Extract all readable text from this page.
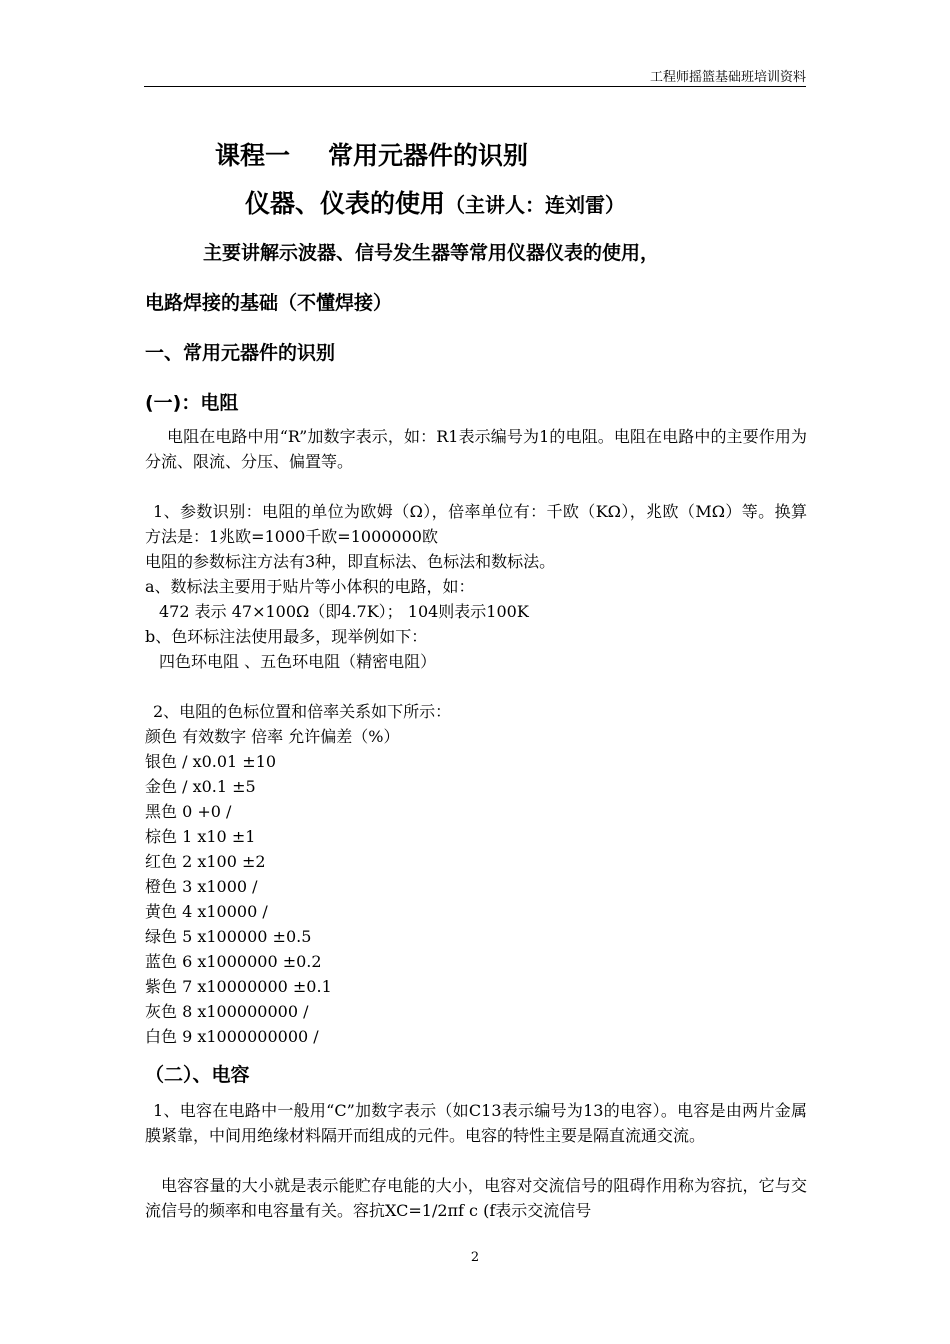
工程师摇篮基础班培训资料
课程一 常用元器件的识别
仪器、仪表的使用（主讲人：连刘雷）
主要讲解示波器、信号发生器等常用仪器仪表的使用，
电路焊接的基础（不懂焊接）
一、常用元器件的识别
(一)：电阻
电阻在电路中用“R”加数字表示，如：R1表示编号为1的电阻。电阻在电路中的主要作用为分流、限流、分压、偏置等。
1、参数识别：电阻的单位为欧姆（Ω），倍率单位有：千欧（KΩ），兆欧（MΩ）等。换算方法是：1兆欧=1000千欧=1000000欧
电阻的参数标注方法有3种，即直标法、色标法和数标法。
a、数标法主要用于贴片等小体积的电路，如：
472 表示 47×100Ω（即4.7K）； 104则表示100K
b、色环标注法使用最多，现举例如下：
四色环电阻 、五色环电阻（精密电阻）
2、电阻的色标位置和倍率关系如下所示：
颜色 有效数字 倍率 允许偏差（%）
银色 / x0.01 ±10
金色 / x0.1 ±5
黑色 0 +0 /
棕色 1 x10 ±1
红色 2 x100 ±2
橙色 3 x1000 /
黄色 4 x10000 /
绿色 5 x100000 ±0.5
蓝色 6 x1000000 ±0.2
紫色 7 x10000000 ±0.1
灰色 8 x100000000 /
白色 9 x1000000000 /
（二）、电容
1、电容在电路中一般用“C”加数字表示（如C13表示编号为13的电容）。电容是由两片金属膜紧靠，中间用绝缘材料隔开而组成的元件。电容的特性主要是隔直流通交流。
电容容量的大小就是表示能贮存电能的大小，电容对交流信号的阻碍作用称为容抗，它与交流信号的频率和电容量有关。容抗XC=1/2πf c (f表示交流信号
2
